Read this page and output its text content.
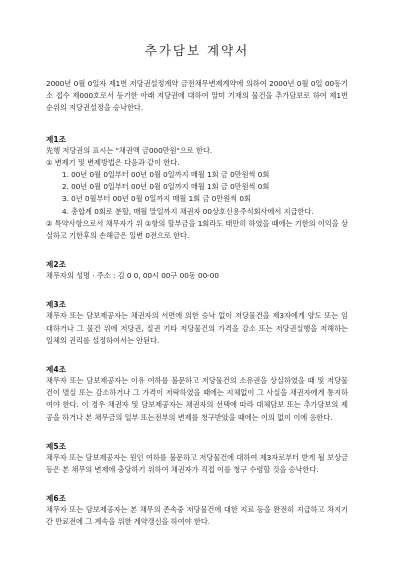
추가담보 계약서

2000년 0월 0일자 제1번 저당권설정계약 금전채무변제계약에 의하여 2000년 0월 0일 00등기소 접수 제000호로서 등기한 아래 저당권에 대하여 말미 기재의 물건을 추가담보로 하여 제1번 순위의 저당권설정을 승낙한다.

제1조

先행 저당권의 표시는 "채권액 금000만원"으로 한다.

① 변제기 및 변제방법은 다음과 같이 한다.

1. 00년 0월 0일부터 00년 0월 0일까지 매월 1회 금 0만원씩 0회

2. 00년 0월 0일부터 00년 0월 0일까지 매월 1회 금 0만원씩 0회

3. 0년 0월부터 00년 0월 0일까지 매월 1회 금 0만원씩 0회

4. 총합계 0회로 분할, 매월 말일까지 채권자 00상호신용주식회사에서 지급한다.

② 특약사항으로서 채무자가 위 ①항의 할부금을 1회라도 태만히 하였을 때에는 기한의 이익을 상실하고 기한후의 손해금은 일변 0전으로 한다.

제2조

채무자의 성명 · 주소 : 김 0 0, 00시 00구 00동 00-00

제3조

채무자 또는 담보제공자는 채권자의 서면에 의한 승낙 없이 저당물건을 제3자에게 양도 또는 임대하거나 그 물건 위에 저당권, 질권 기타 저당물건의 가격을 감소 또는 저당권실행을 저해하는 일체의 권리를 설정하여서는 안된다.

제4조

채무자 또는 담보제공자는 이유 여하를 불문하고 저당물건의 소유권을 상실하였을 때 및 저당물건이 멸실 또는 감소하거나 그 가격이 저락하였을 때에는 지체없이 그 사실을 채권자에게 통지하여야 한다. 이 경우 채권자 및 담보제공자는 채권자의 선택에 따라 대체담보 또는 추가담보의 제공을 하거나 본 채무금의 일부 또는전부의 변제를 청구받았을 때에는 이의 없이 이에 응한다.

제5조

채무자 또는 담보제공자는 원인 여하를 불문하고 저당물건에 대하여 제3자로부터 받게 될 보상금 등은 본 채무의 변제에 충당하기 위하여 채권자가 직접 이를 청구 수령할 것을 승낙한다.

제6조

채무자 또는 담보제공자는 본 채무의 존속중 저당물건에 대한 지료 등을 완전히 지급하고 차지기간 만료전에 그 계속을 위한 계약갱신을 하여야 한다.
